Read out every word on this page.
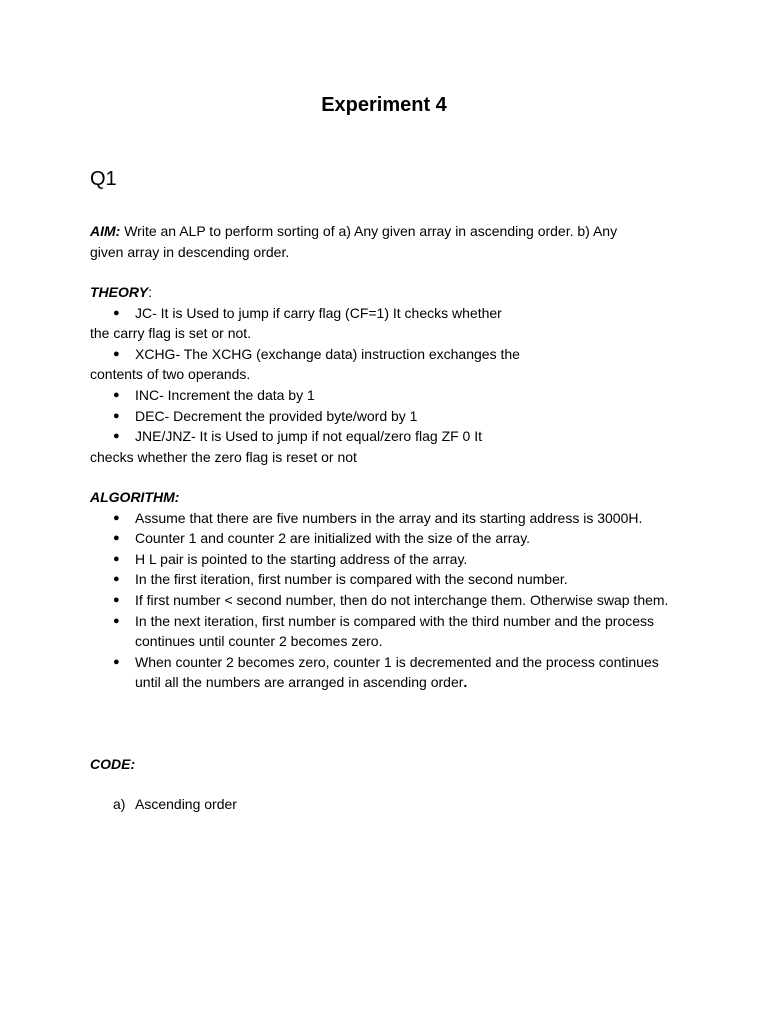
Experiment 4
Q1
AIM: Write an ALP to perform sorting of a) Any given array in ascending order. b) Any
given array in descending order.
THEORY:
● JC- It is Used to jump if carry flag (CF=1) It checks whether
the carry flag is set or not.
● XCHG- The XCHG (exchange data) instruction exchanges the
contents of two operands.
● INC- Increment the data by 1
● DEC- Decrement the provided byte/word by 1
● JNE/JNZ- It is Used to jump if not equal/zero flag ZF 0 It
checks whether the zero flag is reset or not
ALGORITHM:
● Assume that there are five numbers in the array and its starting address is 3000H.
● Counter 1 and counter 2 are initialized with the size of the array.
● H L pair is pointed to the starting address of the array.
● In the first iteration, first number is compared with the second number.
● If first number < second number, then do not interchange them. Otherwise swap them.
● In the next iteration, first number is compared with the third number and the process continues until counter 2 becomes zero.
● When counter 2 becomes zero, counter 1 is decremented and the process continues until all the numbers are arranged in ascending order.
CODE:
a) Ascending order
